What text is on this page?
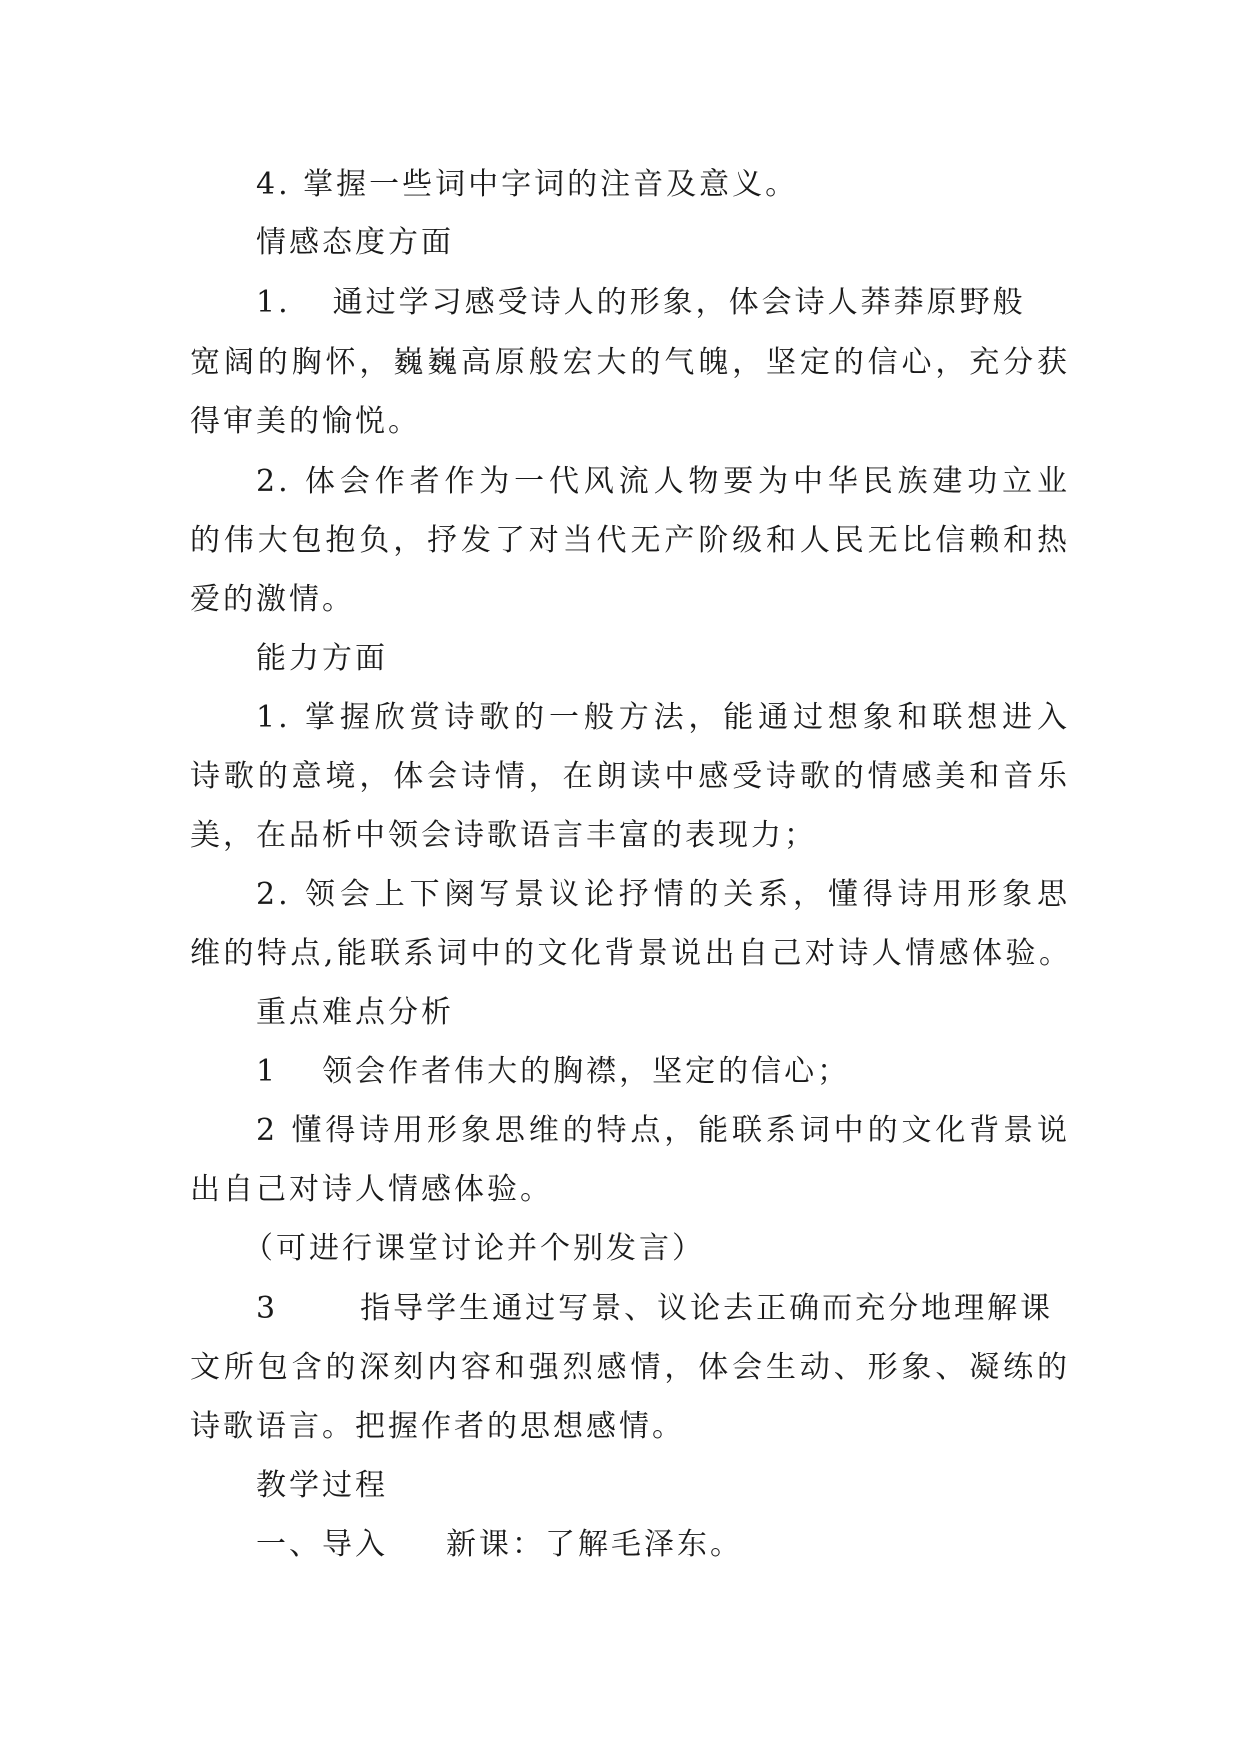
4. 掌握一些词中字词的注音及意义。
情感态度方面
1. 通过学习感受诗人的形象，体会诗人莽莽原野般
宽阔的胸怀，巍巍高原般宏大的气魄，坚定的信心，充分获
得审美的愉悦。
2. 体会作者作为一代风流人物要为中华民族建功立业
的伟大包抱负，抒发了对当代无产阶级和人民无比信赖和热
爱的激情。
能力方面
1. 掌握欣赏诗歌的一般方法，能通过想象和联想进入
诗歌的意境，体会诗情，在朗读中感受诗歌的情感美和音乐
美，在品析中领会诗歌语言丰富的表现力；
2. 领会上下阕写景议论抒情的关系，懂得诗用形象思
维的特点,能联系词中的文化背景说出自己对诗人情感体验。
重点难点分析
1 领会作者伟大的胸襟，坚定的信心；
2 懂得诗用形象思维的特点，能联系词中的文化背景说
出自己对诗人情感体验。
（可进行课堂讨论并个别发言）
3	指导学生通过写景、议论去正确而充分地理解课
文所包含的深刻内容和强烈感情，体会生动、形象、凝练的
诗歌语言。把握作者的思想感情。
教学过程
一、导入 新课：了解毛泽东。
